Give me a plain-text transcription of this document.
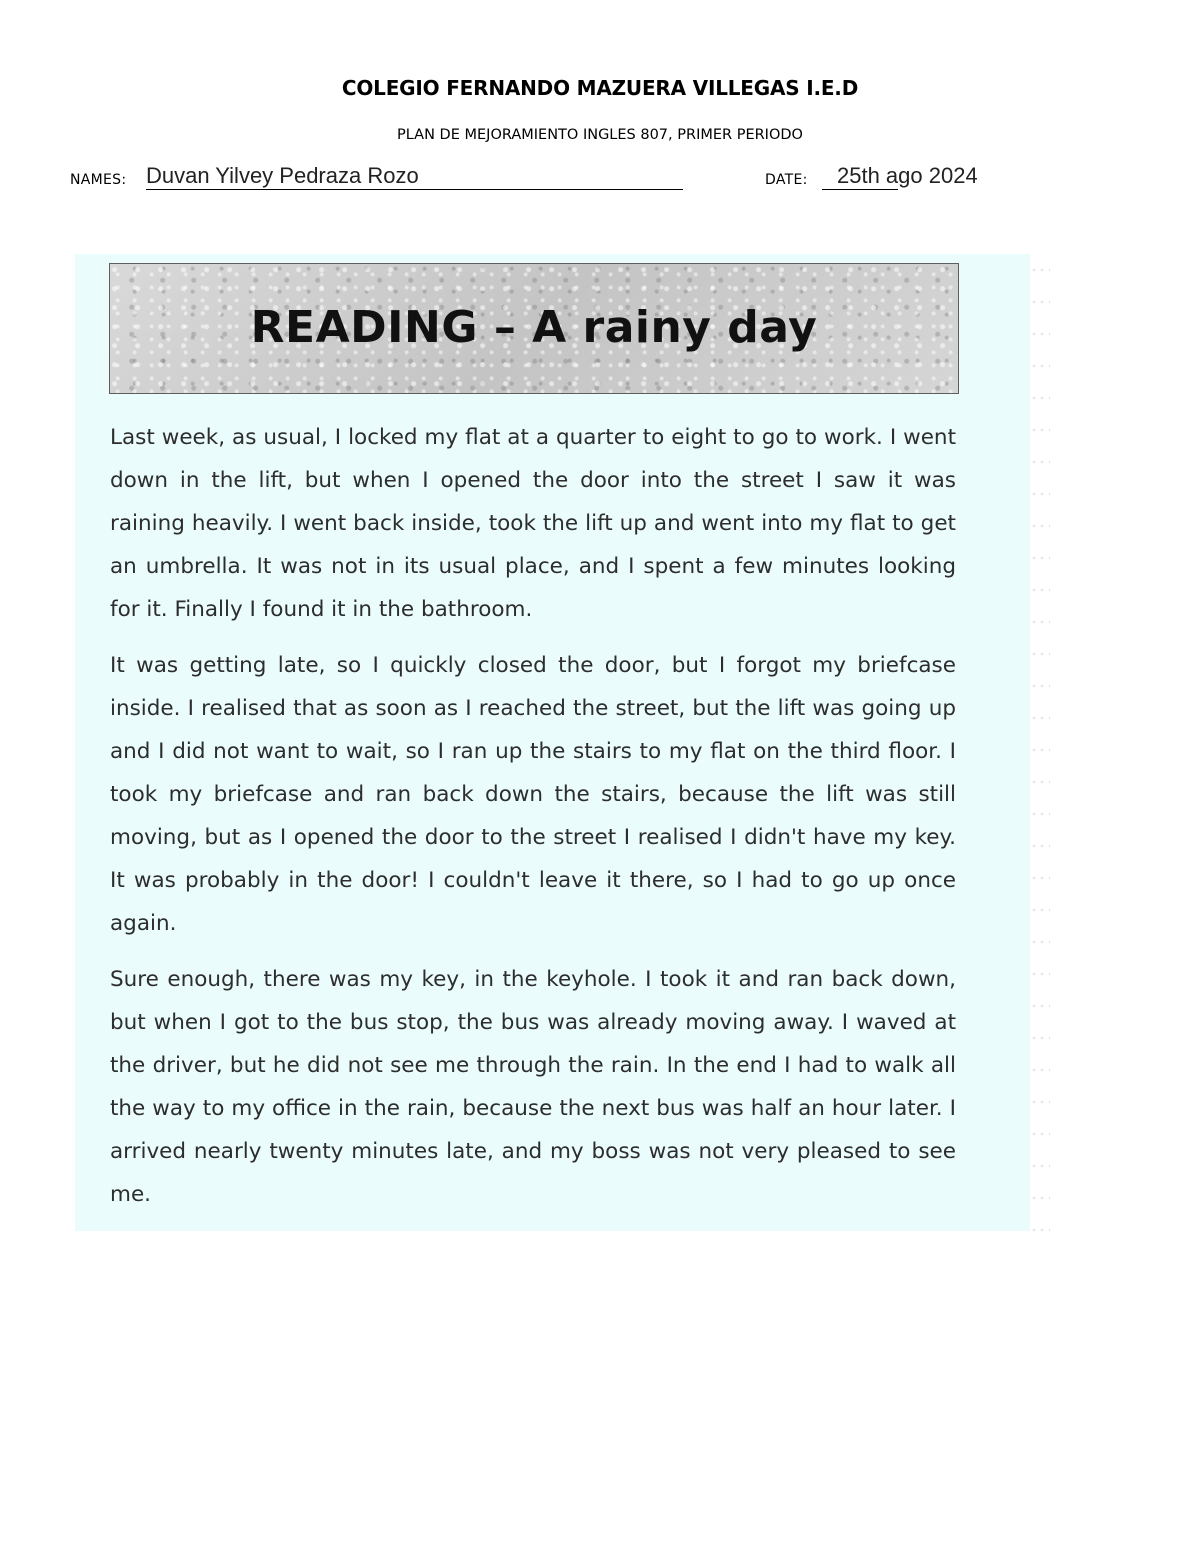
COLEGIO FERNANDO MAZUERA VILLEGAS I.E.D
PLAN DE MEJORAMIENTO INGLES 807, PRIMER PERIODO
NAMES: Duvan Yilvey Pedraza Rozo	DATE: 25th ago 2024
READING – A rainy day

Last week, as usual, I locked my flat at a quarter to eight to go to work. I went down in the lift, but when I opened the door into the street I saw it was raining heavily. I went back inside, took the lift up and went into my flat to get an umbrella. It was not in its usual place, and I spent a few minutes looking for it. Finally I found it in the bathroom.

It was getting late, so I quickly closed the door, but I forgot my briefcase inside. I realised that as soon as I reached the street, but the lift was going up and I did not want to wait, so I ran up the stairs to my flat on the third floor. I took my briefcase and ran back down the stairs, because the lift was still moving, but as I opened the door to the street I realised I didn't have my key. It was probably in the door! I couldn't leave it there, so I had to go up once again.

Sure enough, there was my key, in the keyhole. I took it and ran back down, but when I got to the bus stop, the bus was already moving away. I waved at the driver, but he did not see me through the rain. In the end I had to walk all the way to my office in the rain, because the next bus was half an hour later. I arrived nearly twenty minutes late, and my boss was not very pleased to see me.
